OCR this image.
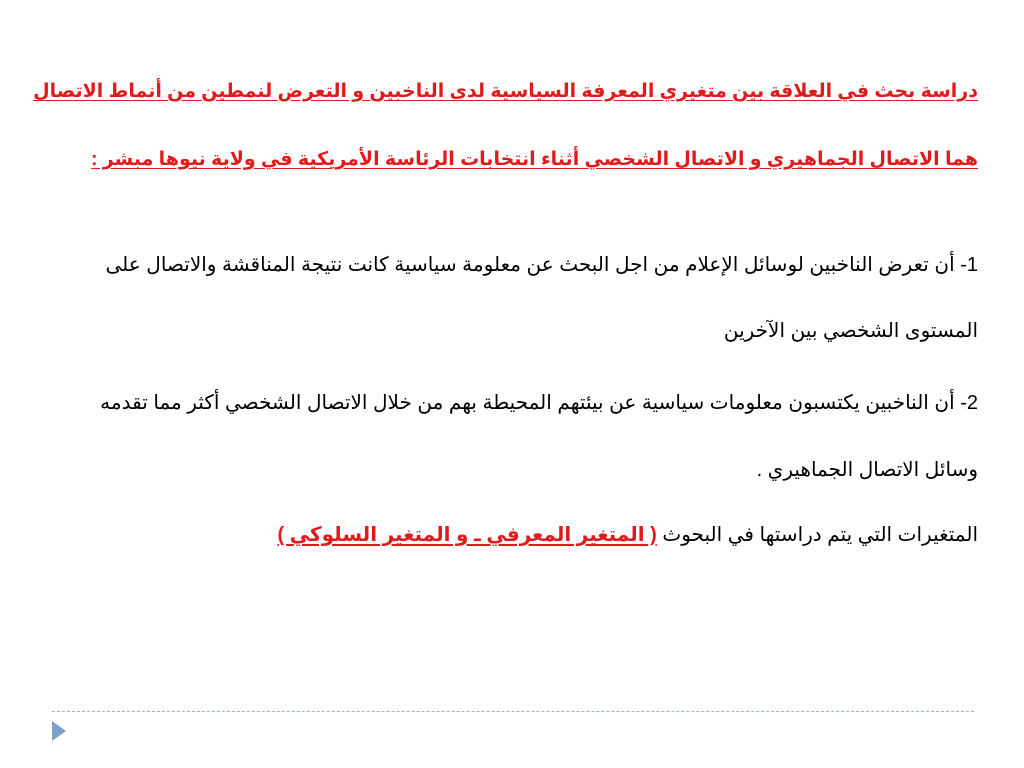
دراسة بحث في العلاقة بين متغيري المعرفة السياسية لدى الناخبين و التعرض لنمطين من أنماط الاتصال
هما الاتصال الجماهيري و الاتصال الشخصي أثناء انتخابات الرئاسة الأمريكية في ولاية نيوها مبشر :
1- أن تعرض الناخبين لوسائل الإعلام من اجل البحث عن معلومة سياسية كانت نتيجة المناقشة والاتصال على
المستوى الشخصي بين الآخرين
2- أن الناخبين يكتسبون معلومات سياسية عن بيئتهم المحيطة بهم من خلال الاتصال الشخصي أكثر مما تقدمه
وسائل الاتصال الجماهيري .
المتغيرات التي يتم دراستها في البحوث ( المتغير المعرفي ـ و المتغير السلوكي )
